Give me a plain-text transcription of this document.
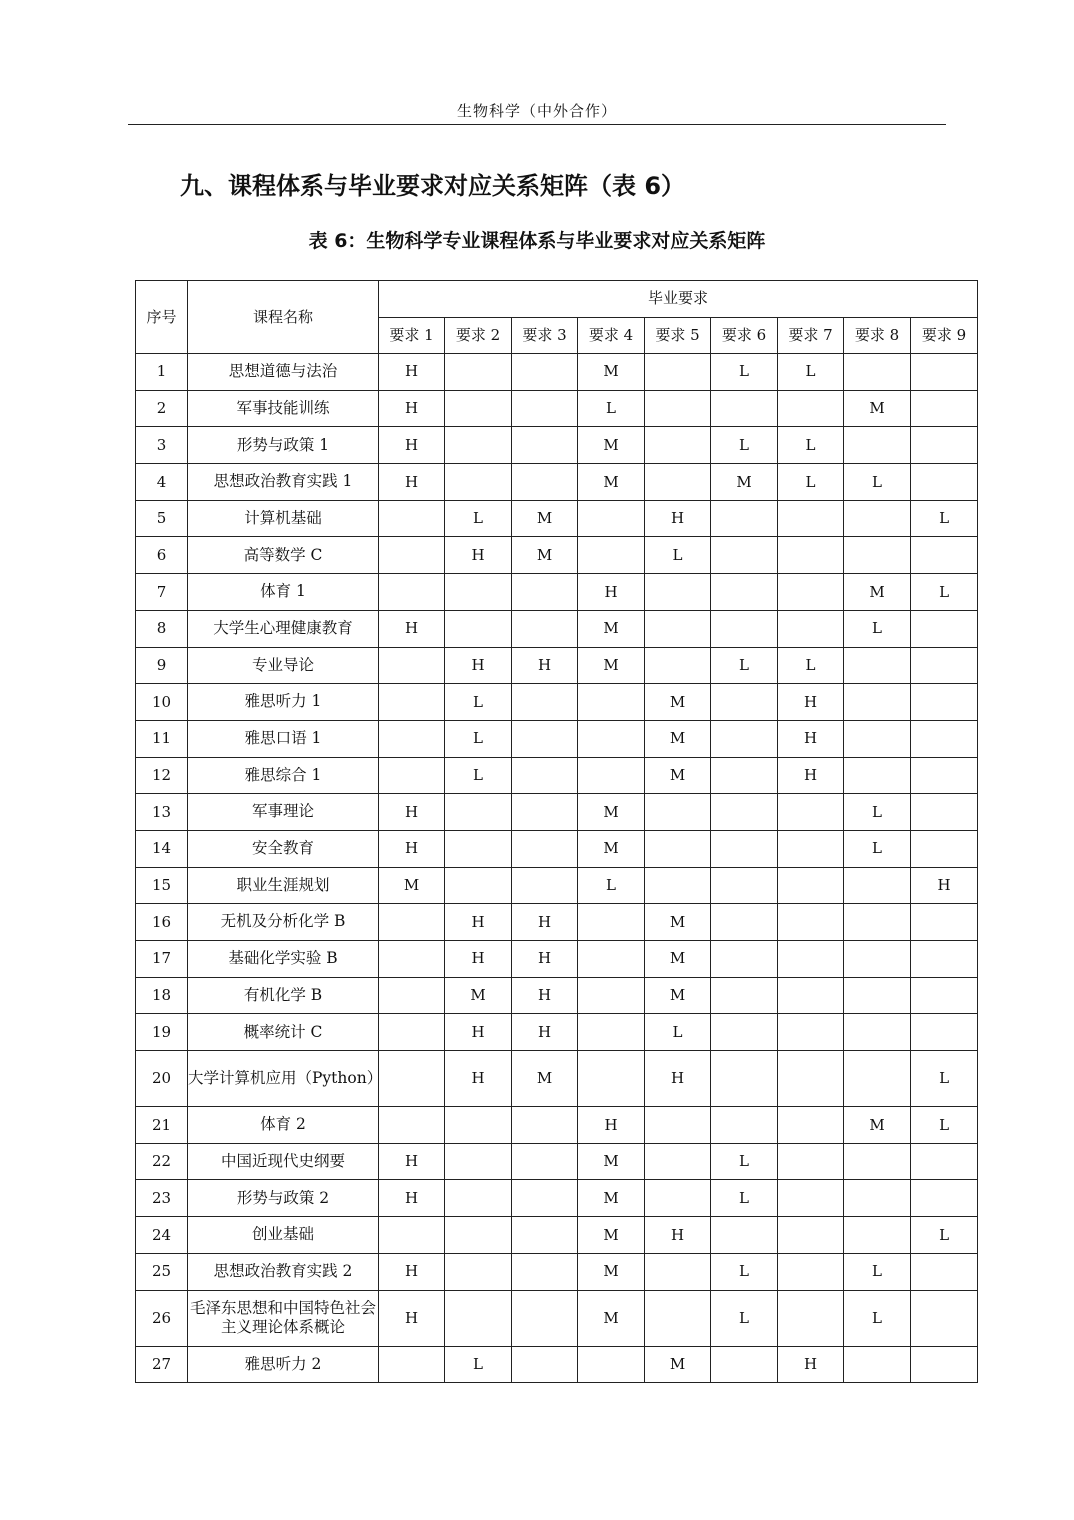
生物科学（中外合作）
九、课程体系与毕业要求对应关系矩阵（表 6）
表 6：生物科学专业课程体系与毕业要求对应关系矩阵
序号	课程名称	毕业要求								
		要求 1	要求 2	要求 3	要求 4	要求 5	要求 6	要求 7	要求 8	要求 9
1	思想道德与法治	H			M		L	L		
2	军事技能训练	H			L				M	
3	形势与政策 1	H			M		L	L		
4	思想政治教育实践 1	H			M		M	L	L	
5	计算机基础		L	M		H				L
6	高等数学 C		H	M		L				
7	体育 1				H				M	L
8	大学生心理健康教育	H			M				L	
9	专业导论		H	H	M		L	L		
10	雅思听力 1		L			M		H		
11	雅思口语 1		L			M		H		
12	雅思综合 1		L			M		H		
13	军事理论	H			M				L	
14	安全教育	H			M				L	
15	职业生涯规划	M			L					H
16	无机及分析化学 B		H	H		M				
17	基础化学实验 B		H	H		M				
18	有机化学 B		M	H		M				
19	概率统计 C		H	H		L				
20	大学计算机应用（Python）		H	M		H				L
21	体育 2				H				M	L
22	中国近现代史纲要	H			M		L			
23	形势与政策 2	H			M		L			
24	创业基础				M	H				L
25	思想政治教育实践 2	H			M		L		L	
26	毛泽东思想和中国特色社会主义理论体系概论	H			M		L		L	
27	雅思听力 2		L			M		H		
